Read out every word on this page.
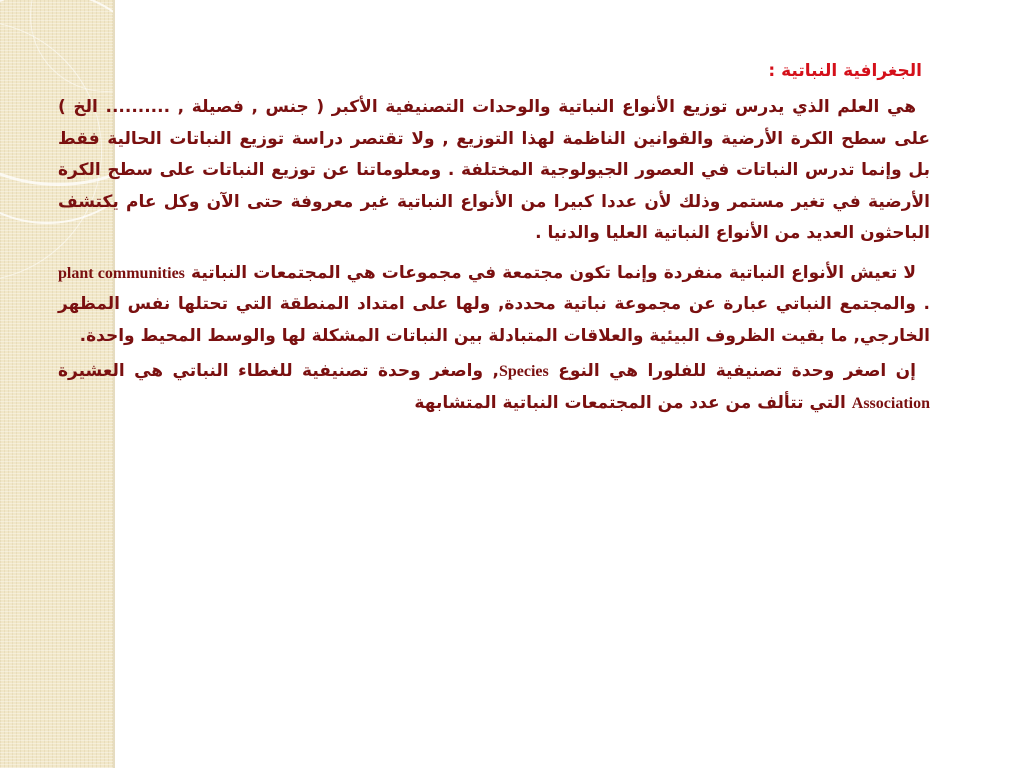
الجغرافية النباتية :

هي العلم الذي يدرس توزيع الأنواع النباتية والوحدات التصنيفية الأكبر ( جنس , فصيلة , .......... الخ ) على سطح الكرة الأرضية والقوانين الناظمة لهذا التوزيع , ولا تقتصر دراسة توزيع النباتات الحالية فقط بل وإنما تدرس النباتات في العصور الجيولوجية المختلفة . ومعلوماتنا عن توزيع النباتات على سطح الكرة الأرضية في تغير مستمر وذلك لأن عددا كبيرا من الأنواع النباتية غير معروفة حتى الآن وكل عام يكتشف الباحثون العديد من الأنواع النباتية العليا والدنيا .

لا تعيش الأنواع النباتية منفردة وإنما تكون مجتمعة في مجموعات هي المجتمعات النباتية plant communities . والمجتمع النباتي عبارة عن مجموعة نباتية محددة, ولها على امتداد المنطقة التي تحتلها نفس المظهر الخارجي, ما بقيت الظروف البيئية والعلاقات المتبادلة بين النباتات المشكلة لها والوسط المحيط واحدة.

إن اصغر وحدة تصنيفية للفلورا هي النوع Species, واصغر وحدة تصنيفية للغطاء النباتي هي العشيرة Association التي تتألف من عدد من المجتمعات النباتية المتشابهة
